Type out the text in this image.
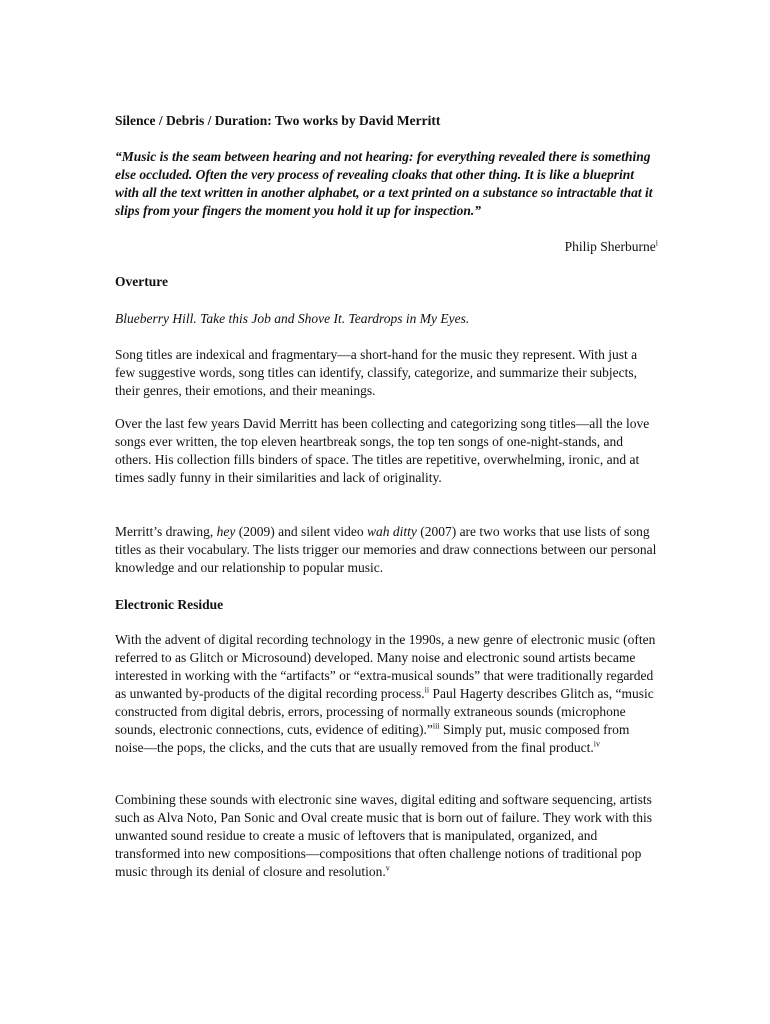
Silence / Debris / Duration: Two works by David Merritt
“Music is the seam between hearing and not hearing: for everything revealed there is something else occluded. Often the very process of revealing cloaks that other thing. It is like a blueprint with all the text written in another alphabet, or a text printed on a substance so intractable that it slips from your fingers the moment you hold it up for inspection.”
Philip Sherburne$^i$
Overture
Blueberry Hill. Take this Job and Shove It. Teardrops in My Eyes.
Song titles are indexical and fragmentary—a short-hand for the music they represent. With just a few suggestive words, song titles can identify, classify, categorize, and summarize their subjects, their genres, their emotions, and their meanings.
Over the last few years David Merritt has been collecting and categorizing song titles—all the love songs ever written, the top eleven heartbreak songs, the top ten songs of one-night-stands, and others. His collection fills binders of space. The titles are repetitive, overwhelming, ironic, and at times sadly funny in their similarities and lack of originality.
Merritt’s drawing, hey (2009) and silent video wah ditty (2007) are two works that use lists of song titles as their vocabulary. The lists trigger our memories and draw connections between our personal knowledge and our relationship to popular music.
Electronic Residue
With the advent of digital recording technology in the 1990s, a new genre of electronic music (often referred to as Glitch or Microsound) developed. Many noise and electronic sound artists became interested in working with the “artifacts” or “extra-musical sounds” that were traditionally regarded as unwanted by-products of the digital recording process.$^{ii}$ Paul Hagerty describes Glitch as, “music constructed from digital debris, errors, processing of normally extraneous sounds (microphone sounds, electronic connections, cuts, evidence of editing).”$^{iii}$ Simply put, music composed from noise—the pops, the clicks, and the cuts that are usually removed from the final product.$^{iv}$
Combining these sounds with electronic sine waves, digital editing and software sequencing, artists such as Alva Noto, Pan Sonic and Oval create music that is born out of failure. They work with this unwanted sound residue to create a music of leftovers that is manipulated, organized, and transformed into new compositions—compositions that often challenge notions of traditional pop music through its denial of closure and resolution.$^v$
